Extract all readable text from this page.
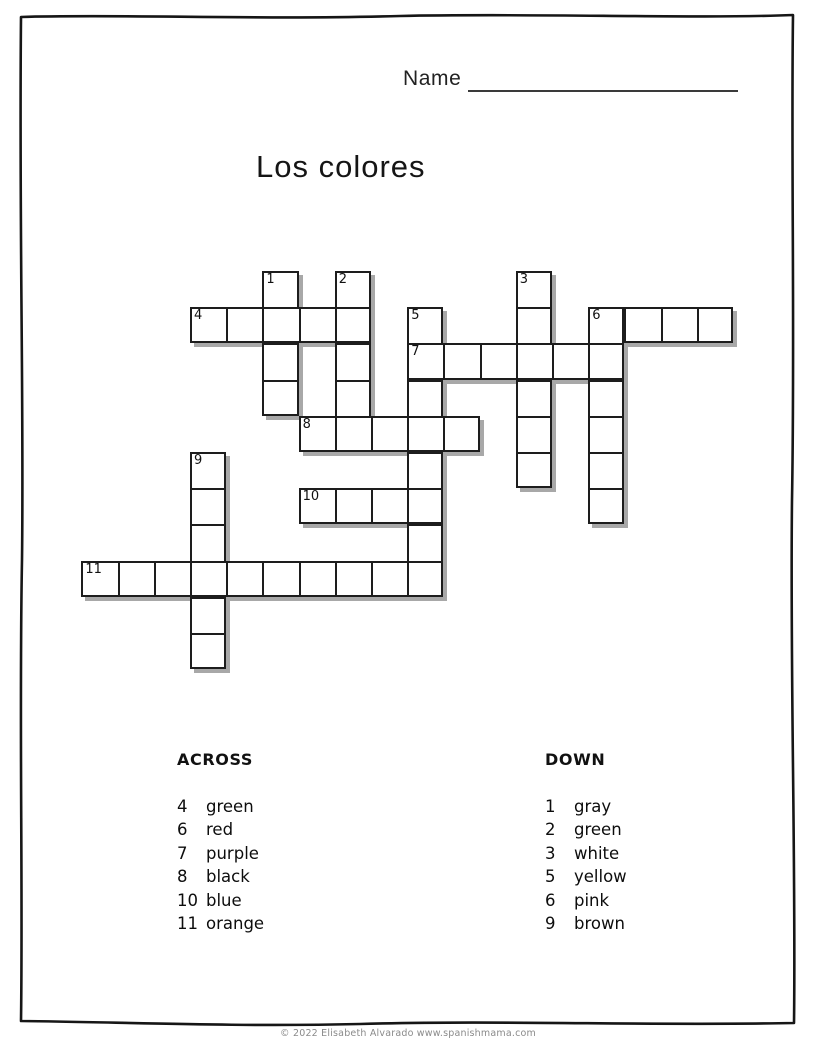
Name
Los colores
1	2	3
4	5	6
7
8
9
10
11
ACROSS
4	green
6	red
7	purple
8	black
10 blue
11 orange
DOWN
1	gray
2	green
3	white
5	yellow
6	pink
9	brown
© 2022 Elisabeth Alvarado www.spanishmama.com
